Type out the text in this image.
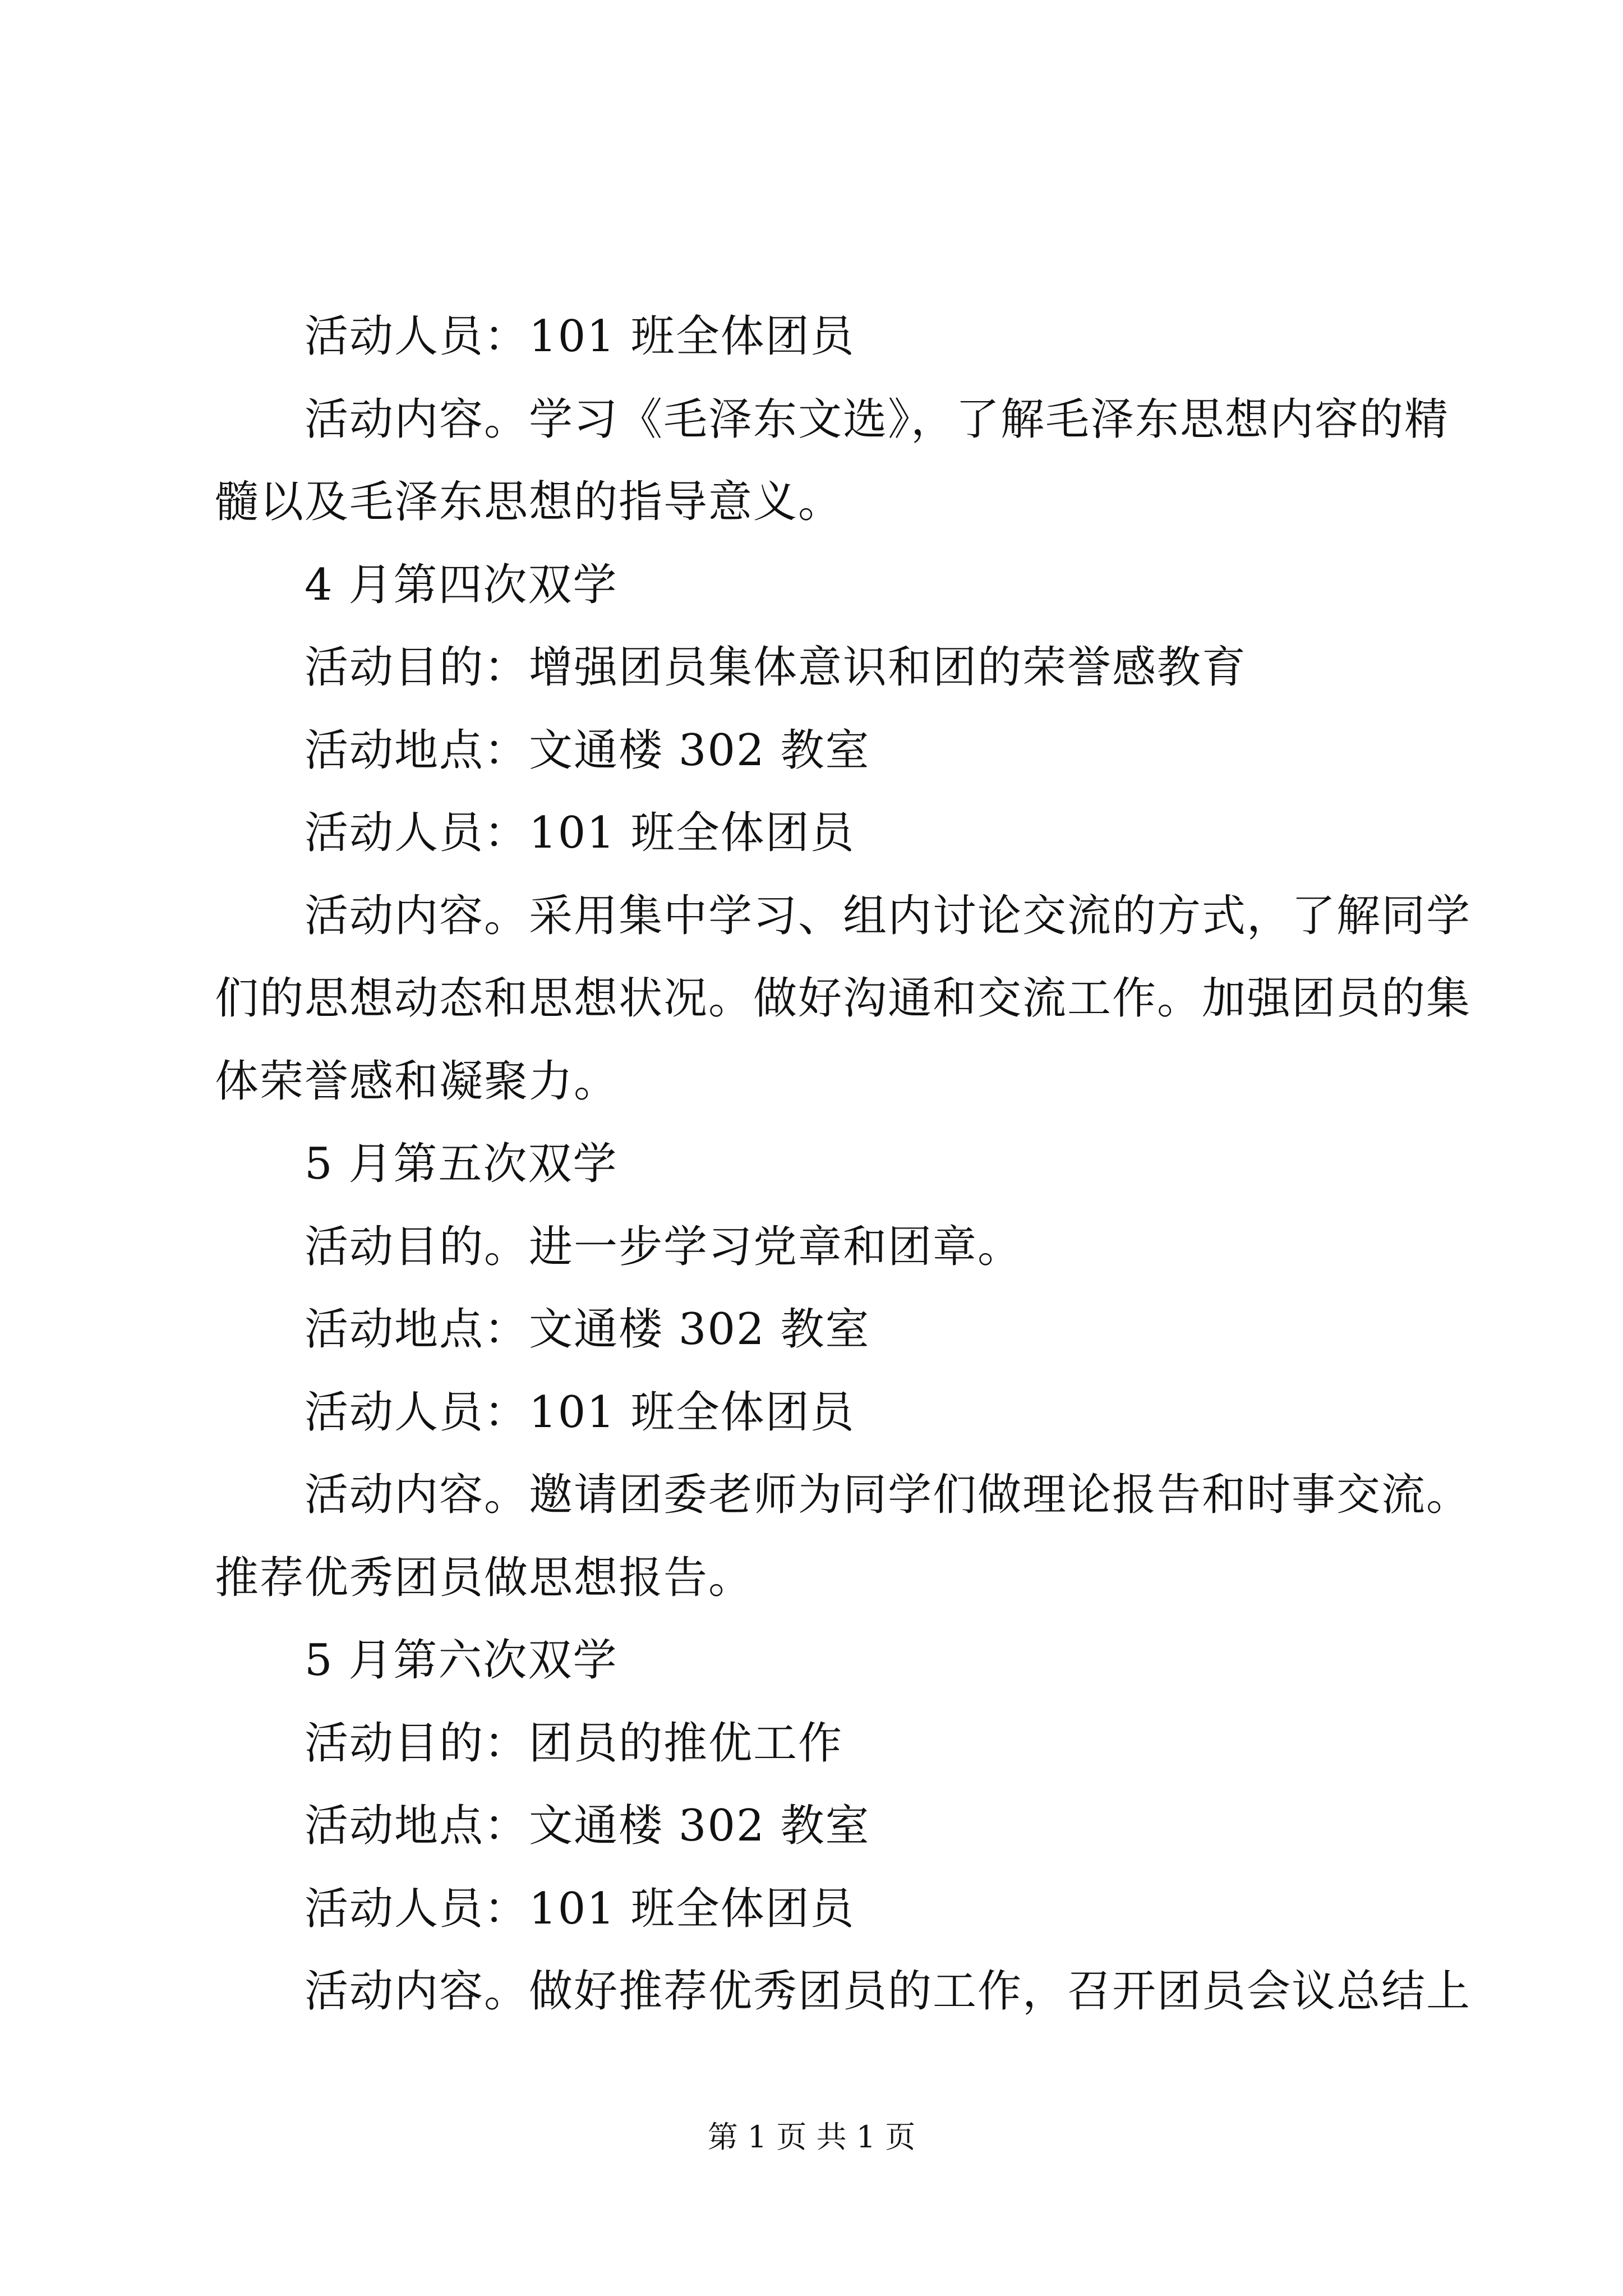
活动人员：101 班全体团员
活动内容。学习《毛泽东文选》，了解毛泽东思想内容的精
髓以及毛泽东思想的指导意义。
4 月第四次双学
活动目的：增强团员集体意识和团的荣誉感教育
活动地点：文通楼 302 教室
活动人员：101 班全体团员
活动内容。采用集中学习、组内讨论交流的方式，了解同学
们的思想动态和思想状况。做好沟通和交流工作。加强团员的集
体荣誉感和凝聚力。
5 月第五次双学
活动目的。进一步学习党章和团章。
活动地点：文通楼 302 教室
活动人员：101 班全体团员
活动内容。邀请团委老师为同学们做理论报告和时事交流。
推荐优秀团员做思想报告。
5 月第六次双学
活动目的：团员的推优工作
活动地点：文通楼 302 教室
活动人员：101 班全体团员
活动内容。做好推荐优秀团员的工作，召开团员会议总结上
第 1 页 共 1 页
